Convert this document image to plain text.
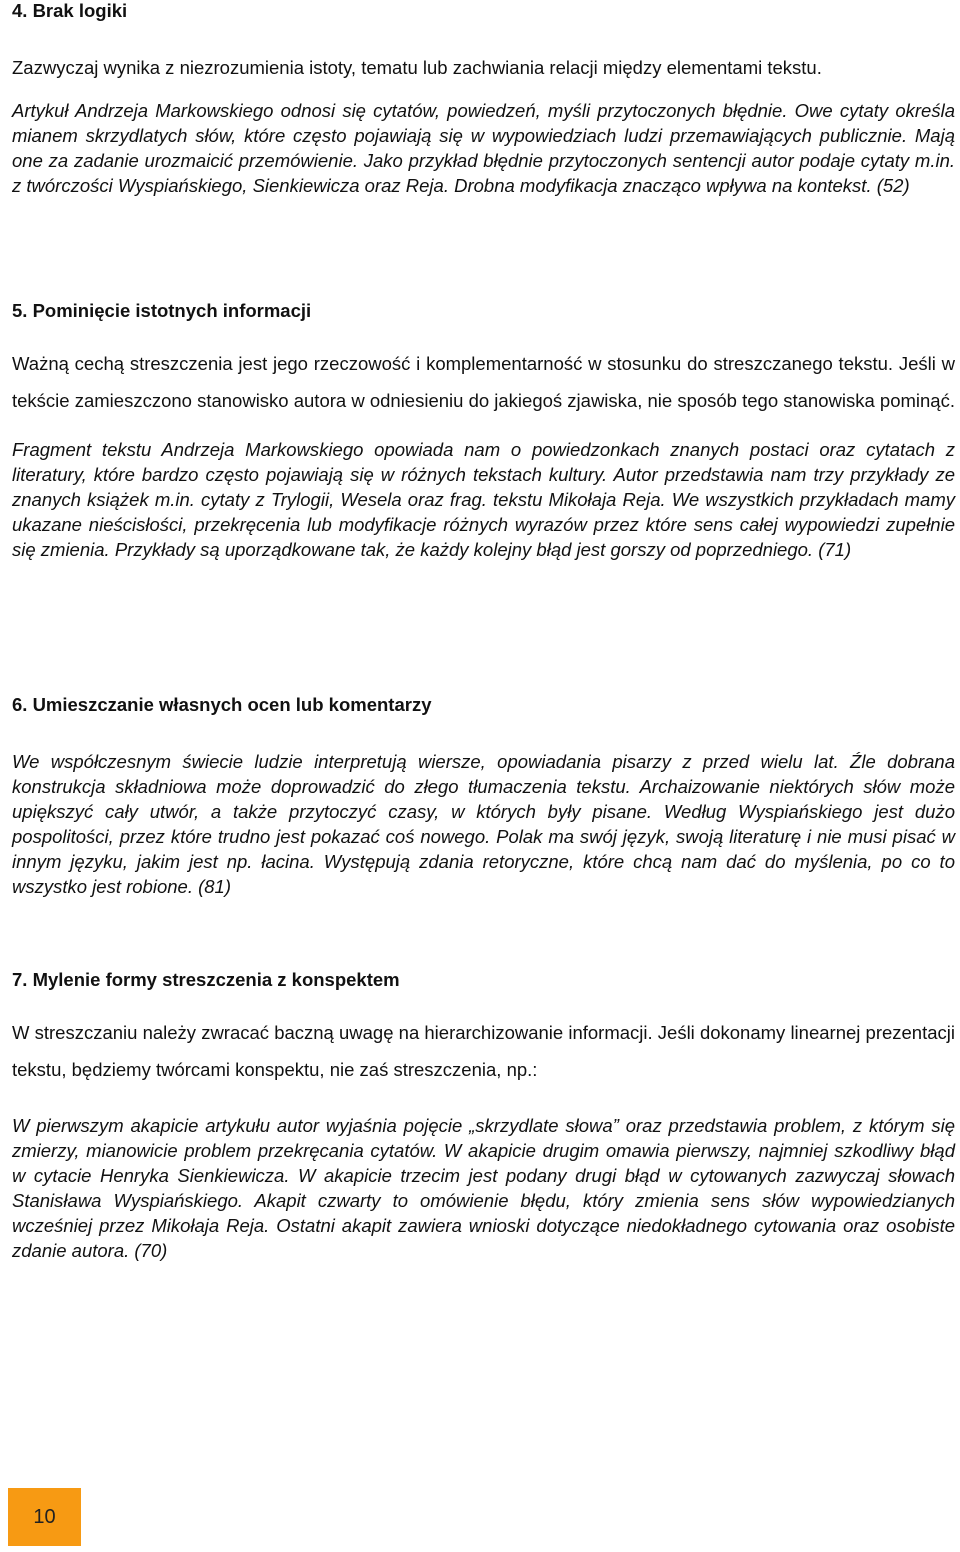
4. Brak logiki

Zazwyczaj wynika z niezrozumienia istoty, tematu lub zachwiania relacji między elementami tekstu.

Artykuł Andrzeja Markowskiego odnosi się cytatów, powiedzeń, myśli przytoczonych błędnie. Owe cytaty określa mianem skrzydlatych słów, które często pojawiają się w wypowiedziach ludzi przemawiających publicznie. Mają one za zadanie urozmaicić przemówienie. Jako przykład błędnie przytoczonych sentencji autor podaje cytaty m.in. z twórczości Wyspiańskiego, Sienkiewicza oraz Reja. Drobna modyfikacja znacząco wpływa na kontekst. (52)

5. Pominięcie istotnych informacji

Ważną cechą streszczenia jest jego rzeczowość i komplementarność w stosunku do streszczanego tekstu. Jeśli w tekście zamieszczono stanowisko autora w odniesieniu do jakiegoś zjawiska, nie sposób tego stanowiska pominąć.

Fragment tekstu Andrzeja Markowskiego opowiada nam o powiedzonkach znanych postaci oraz cytatach z literatury, które bardzo często pojawiają się w różnych tekstach kultury. Autor przedstawia nam trzy przykłady ze znanych książek m.in. cytaty z Trylogii, Wesela oraz frag. tekstu Mikołaja Reja. We wszystkich przykładach mamy ukazane nieścisłości, przekręcenia lub modyfikacje różnych wyrazów przez które sens całej wypowiedzi zupełnie się zmienia. Przykłady są uporządkowane tak, że każdy kolejny błąd jest gorszy od poprzedniego. (71)

6. Umieszczanie własnych ocen lub komentarzy

We współczesnym świecie ludzie interpretują wiersze, opowiadania pisarzy z przed wielu lat. Źle dobrana konstrukcja składniowa może doprowadzić do złego tłumaczenia tekstu. Archaizowanie niektórych słów może upiększyć cały utwór, a także przytoczyć czasy, w których były pisane. Według Wyspiańskiego jest dużo pospolitości, przez które trudno jest pokazać coś nowego. Polak ma swój język, swoją literaturę i nie musi pisać w innym języku, jakim jest np. łacina. Występują zdania retoryczne, które chcą nam dać do myślenia, po co to wszystko jest robione. (81)

7. Mylenie formy streszczenia z konspektem

W streszczaniu należy zwracać baczną uwagę na hierarchizowanie informacji. Jeśli dokonamy linearnej prezentacji tekstu, będziemy twórcami konspektu, nie zaś streszczenia, np.:

W pierwszym akapicie artykułu autor wyjaśnia pojęcie „skrzydlate słowa” oraz przedstawia problem, z którym się zmierzy, mianowicie problem przekręcania cytatów. W akapicie drugim omawia pierwszy, najmniej szkodliwy błąd w cytacie Henryka Sienkiewicza. W akapicie trzecim jest podany drugi błąd w cytowanych zazwyczaj słowach Stanisława Wyspiańskiego. Akapit czwarty to omówienie błędu, który zmienia sens słów wypowiedzianych wcześniej przez Mikołaja Reja. Ostatni akapit zawiera wnioski dotyczące niedokładnego cytowania oraz osobiste zdanie autora. (70)

10
